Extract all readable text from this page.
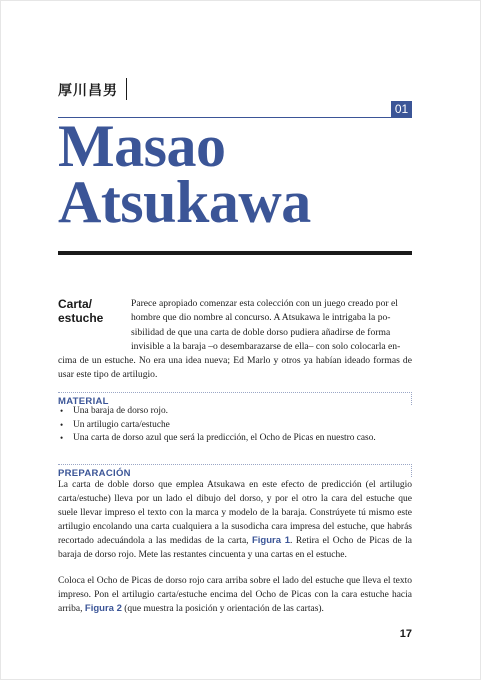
厚川昌男
01
Masao
Atsukawa
Carta/
estuche
Parece apropiado comenzar esta colección con un juego creado por el
hombre que dio nombre al concurso. A Atsukawa le intrigaba la po-
sibilidad de que una carta de doble dorso pudiera añadirse de forma
invisible a la baraja –o desembarazarse de ella– con solo colocarla en-
cima de un estuche. No era una idea nueva; Ed Marlo y otros ya habían ideado formas de usar este tipo de artilugio.
MATERIAL
• Una baraja de dorso rojo.
• Un artilugio carta/estuche
• Una carta de dorso azul que será la predicción, el Ocho de Picas en nuestro caso.
PREPARACIÓN

La carta de doble dorso que emplea Atsukawa en este efecto de predicción (el artilugio carta/estuche) lleva por un lado el dibujo del dorso, y por el otro la cara del estuche que suele llevar impreso el texto con la marca y modelo de la baraja. Constrúyete tú mismo este artilugio encolando una carta cualquiera a la susodicha cara impresa del estuche, que habrás recortado adecuándola a las medidas de la carta, Figura 1. Retira el Ocho de Picas de la baraja de dorso rojo. Mete las restantes cincuenta y una cartas en el estuche.

Coloca el Ocho de Picas de dorso rojo cara arriba sobre el lado del estuche que lleva el texto impreso. Pon el artilugio carta/estuche encima del Ocho de Picas con la cara estuche hacia arriba, Figura 2 (que muestra la posición y orientación de las cartas).

17
